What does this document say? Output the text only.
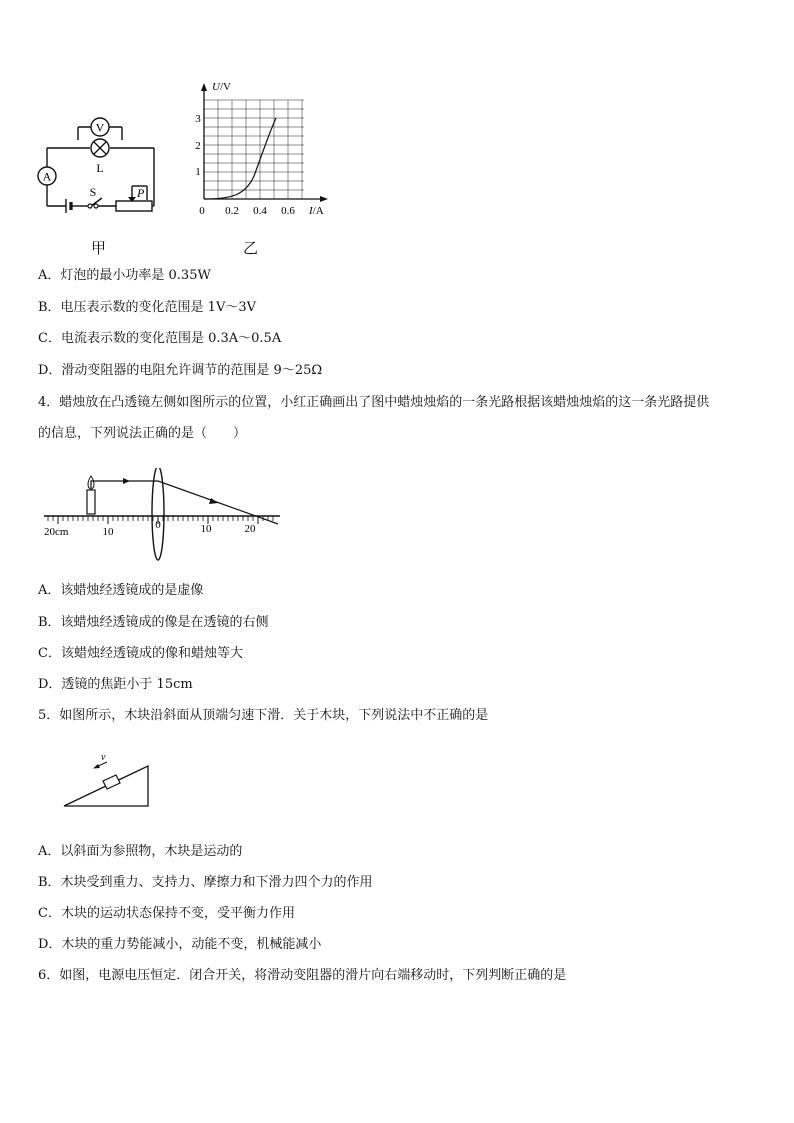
V
L
A
S	P
甲
U/V
I/A
1
2
3
0 0.2 0.4 0.6
乙
A．灯泡的最小功率是 0.35W
B．电压表示数的变化范围是 1V～3V
C．电流表示数的变化范围是 0.3A～0.5A
D．滑动变阻器的电阻允许调节的范围是 9～25Ω
4．蜡烛放在凸透镜左侧如图所示的位置，小红正确画出了图中蜡烛烛焰的一条光路根据该蜡烛烛焰的这一条光路提供
的信息，下列说法正确的是（　　）
20cm	10
0	10	20
A．该蜡烛经透镜成的是虚像
B．该蜡烛经透镜成的像是在透镜的右侧
C．该蜡烛经透镜成的像和蜡烛等大
D．透镜的焦距小于 15cm
5．如图所示，木块沿斜面从顶端匀速下滑．关于木块，下列说法中不正确的是
v
A．以斜面为参照物，木块是运动的
B．木块受到重力、支持力、摩擦力和下滑力四个力的作用
C．木块的运动状态保持不变，受平衡力作用
D．木块的重力势能减小，动能不变，机械能减小
6．如图，电源电压恒定．闭合开关，将滑动变阻器的滑片向右端移动时，下列判断正确的是
